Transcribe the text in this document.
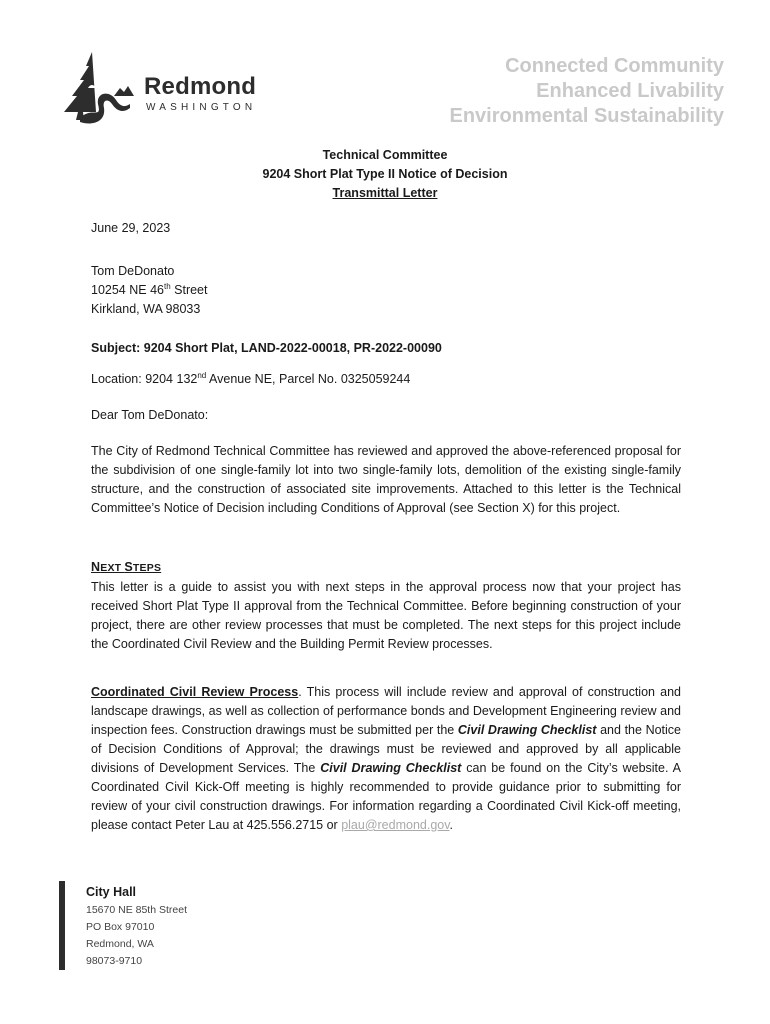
Redmond
WASHINGTON
Connected Community
Enhanced Livability
Environmental Sustainability
Technical Committee
9204 Short Plat Type II Notice of Decision
Transmittal Letter
June 29, 2023
Tom DeDonato
10254 NE 46th Street
Kirkland, WA 98033
Subject: 9204 Short Plat, LAND-2022-00018, PR-2022-00090
Location: 9204 132nd Avenue NE, Parcel No. 0325059244
Dear Tom DeDonato:
The City of Redmond Technical Committee has reviewed and approved the above-referenced proposal for the subdivision of one single-family lot into two single-family lots, demolition of the existing single-family structure, and the construction of associated site improvements. Attached to this letter is the Technical Committee’s Notice of Decision including Conditions of Approval (see Section X) for this project.
NEXT STEPS
This letter is a guide to assist you with next steps in the approval process now that your project has received Short Plat Type II approval from the Technical Committee. Before beginning construction of your project, there are other review processes that must be completed. The next steps for this project include the Coordinated Civil Review and the Building Permit Review processes.
Coordinated Civil Review Process. This process will include review and approval of construction and landscape drawings, as well as collection of performance bonds and Development Engineering review and inspection fees. Construction drawings must be submitted per the Civil Drawing Checklist and the Notice of Decision Conditions of Approval; the drawings must be reviewed and approved by all applicable divisions of Development Services. The Civil Drawing Checklist can be found on the City’s website. A Coordinated Civil Kick-Off meeting is highly recommended to provide guidance prior to submitting for review of your civil construction drawings. For information regarding a Coordinated Civil Kick-off meeting, please contact Peter Lau at 425.556.2715 or plau@redmond.gov.
City Hall
15670 NE 85th Street
PO Box 97010
Redmond, WA
98073-9710
